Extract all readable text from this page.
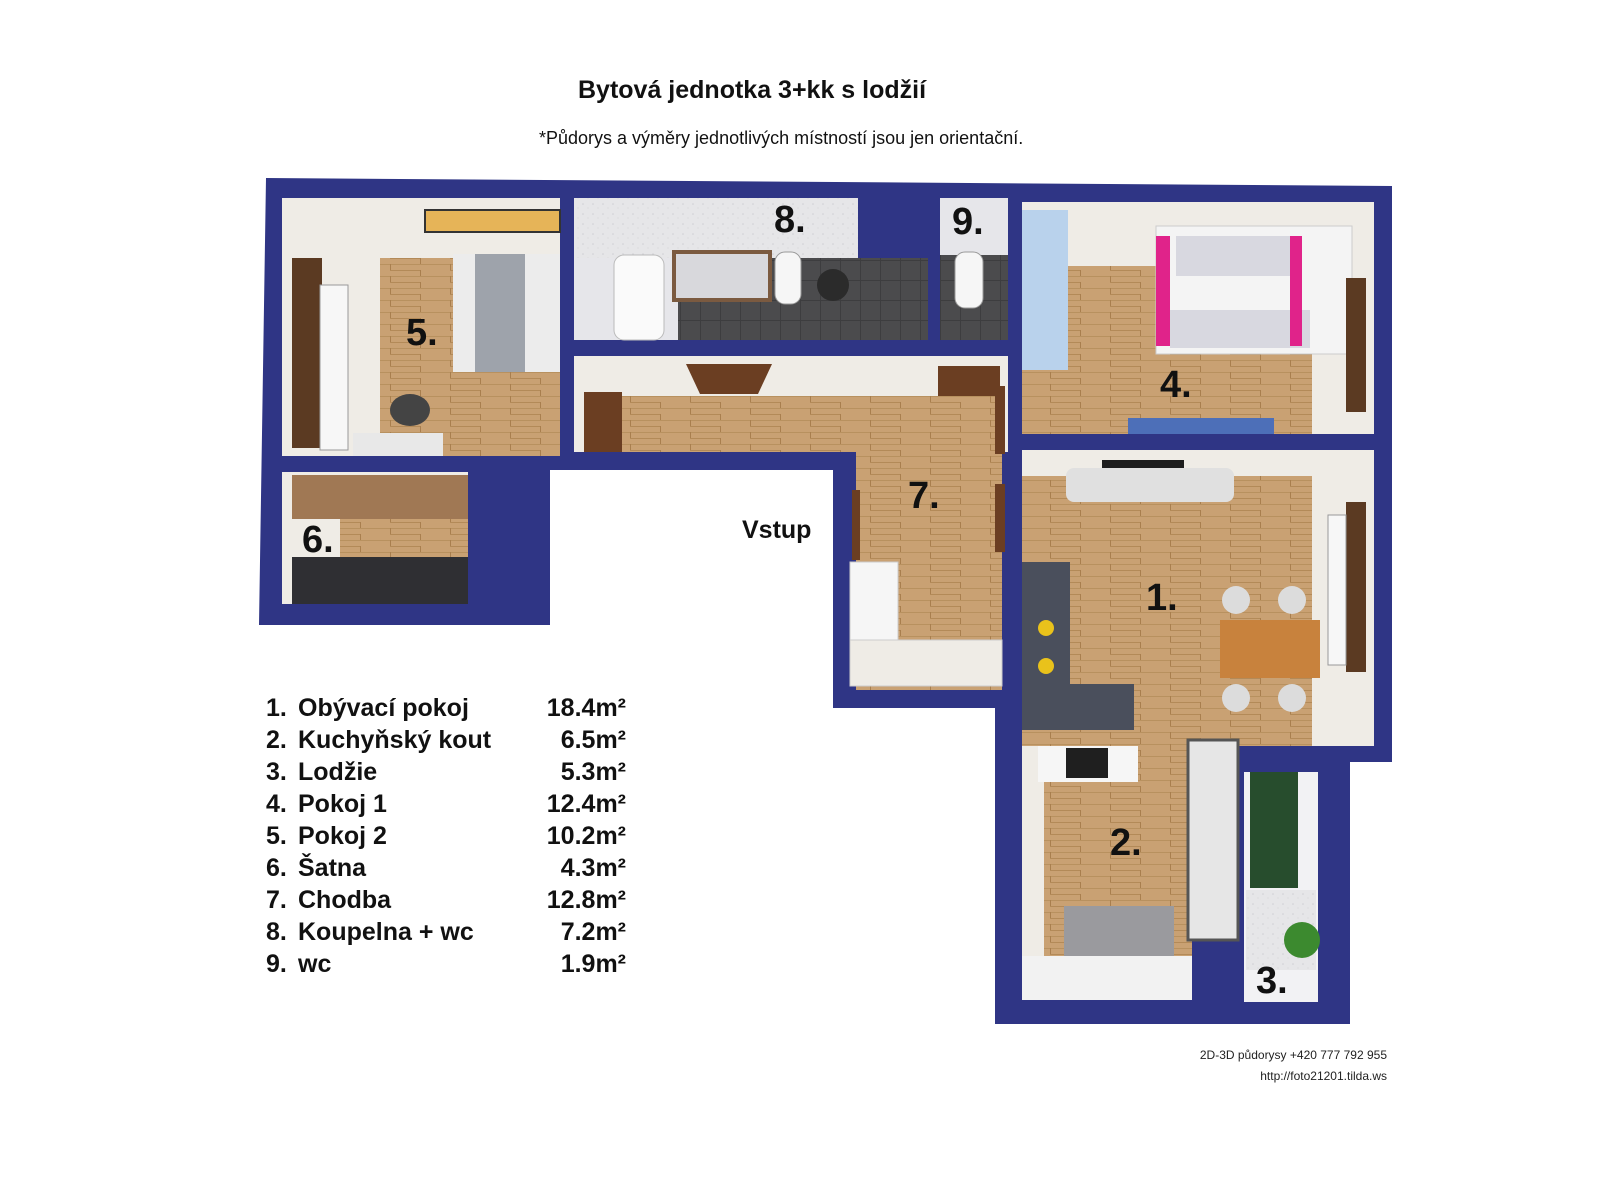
Bytová jednotka 3+kk s lodžií
*Půdorys a výměry jednotlivých místností jsou jen orientační.
5.
6.
8.	9.
4.
7.
1.
2.
3.
Vstup
1. Obývací pokoj	18.4m²
2. Kuchyňský kout	6.5m²
3. Lodžie	5.3m²
4. Pokoj 1	12.4m²
5. Pokoj 2	10.2m²
6. Šatna	4.3m²
7. Chodba	12.8m²
8. Koupelna + wc	7.2m²
9. wc	1.9m²
2D-3D půdorysy +420 777 792 955
http://foto21201.tilda.ws
